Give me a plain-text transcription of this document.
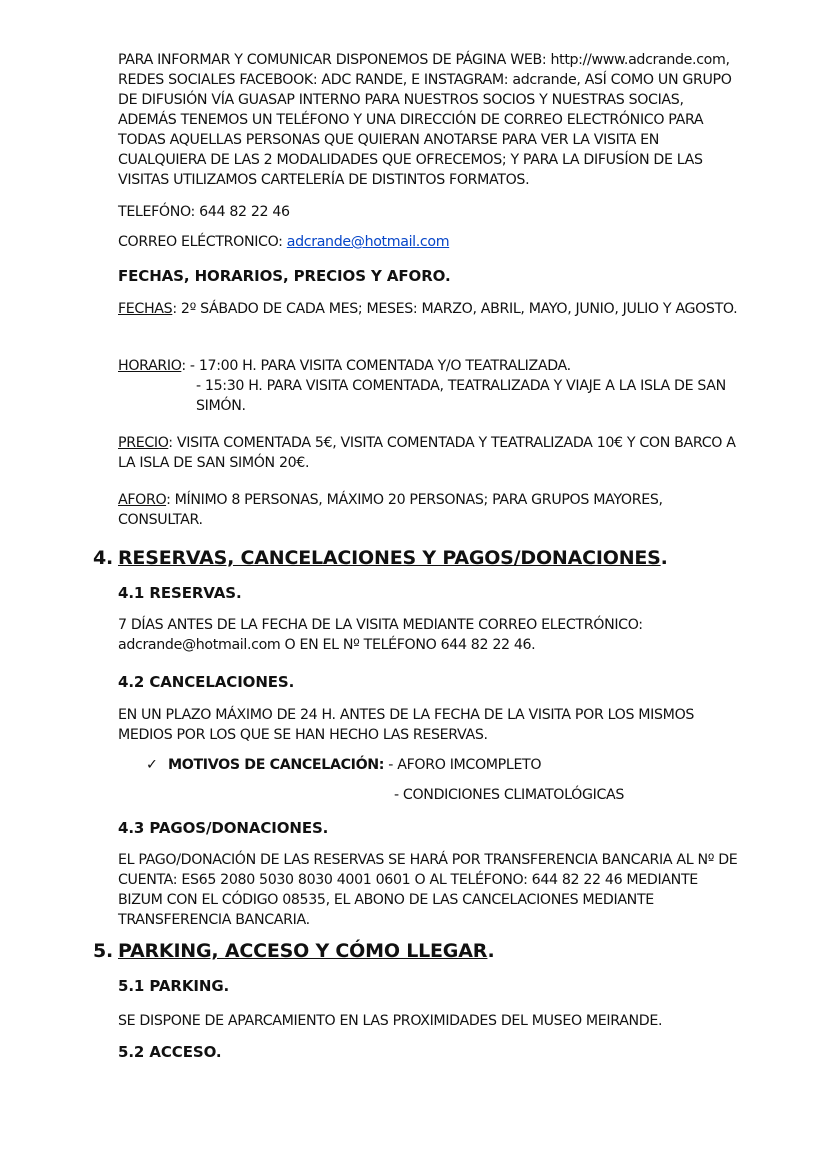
PARA INFORMAR Y COMUNICAR DISPONEMOS DE PÁGINA WEB: http://www.adcrande.com, REDES SOCIALES FACEBOOK: ADC RANDE, E INSTAGRAM: adcrande, ASÍ COMO UN GRUPO DE DIFUSIÓN VÍA GUASAP INTERNO PARA NUESTROS SOCIOS Y NUESTRAS SOCIAS, ADEMÁS TENEMOS UN TELÉFONO Y UNA DIRECCIÓN DE CORREO ELECTRÓNICO PARA TODAS AQUELLAS PERSONAS QUE QUIERAN ANOTARSE PARA VER LA VISITA EN CUALQUIERA DE LAS 2 MODALIDADES QUE OFRECEMOS; Y PARA LA DIFUSÍON DE LAS VISITAS UTILIZAMOS CARTELERÍA DE DISTINTOS FORMATOS.

TELEFÓNO: 644 82 22 46

CORREO ELÉCTRONICO: adcrande@hotmail.com

FECHAS, HORARIOS, PRECIOS Y AFORO.

FECHAS: 2º SÁBADO DE CADA MES; MESES: MARZO, ABRIL, MAYO, JUNIO, JULIO Y AGOSTO.

HORARIO: - 17:00 H. PARA VISITA COMENTADA Y/O TEATRALIZADA.
- 15:30 H. PARA VISITA COMENTADA, TEATRALIZADA Y VIAJE A LA ISLA DE SAN SIMÓN.

PRECIO: VISITA COMENTADA 5€, VISITA COMENTADA Y TEATRALIZADA 10€ Y CON BARCO A LA ISLA DE SAN SIMÓN 20€.

AFORO: MÍNIMO 8 PERSONAS, MÁXIMO 20 PERSONAS; PARA GRUPOS MAYORES, CONSULTAR.

4. RESERVAS, CANCELACIONES Y PAGOS/DONACIONES.
4.1 RESERVAS.

7 DÍAS ANTES DE LA FECHA DE LA VISITA MEDIANTE CORREO ELECTRÓNICO: adcrande@hotmail.com O EN EL Nº TELÉFONO 644 82 22 46.

4.2 CANCELACIONES.

EN UN PLAZO MÁXIMO DE 24 H. ANTES DE LA FECHA DE LA VISITA POR LOS MISMOS MEDIOS POR LOS QUE SE HAN HECHO LAS RESERVAS.

✓ MOTIVOS DE CANCELACIÓN: - AFORO IMCOMPLETO
- CONDICIONES CLIMATOLÓGICAS
4.3 PAGOS/DONACIONES.

EL PAGO/DONACIÓN DE LAS RESERVAS SE HARÁ POR TRANSFERENCIA BANCARIA AL Nº DE CUENTA: ES65 2080 5030 8030 4001 0601 O AL TELÉFONO: 644 82 22 46 MEDIANTE BIZUM CON EL CÓDIGO 08535, EL ABONO DE LAS CANCELACIONES MEDIANTE TRANSFERENCIA BANCARIA.

5. PARKING, ACCESO Y CÓMO LLEGAR.
5.1 PARKING.

SE DISPONE DE APARCAMIENTO EN LAS PROXIMIDADES DEL MUSEO MEIRANDE.

5.2 ACCESO.
